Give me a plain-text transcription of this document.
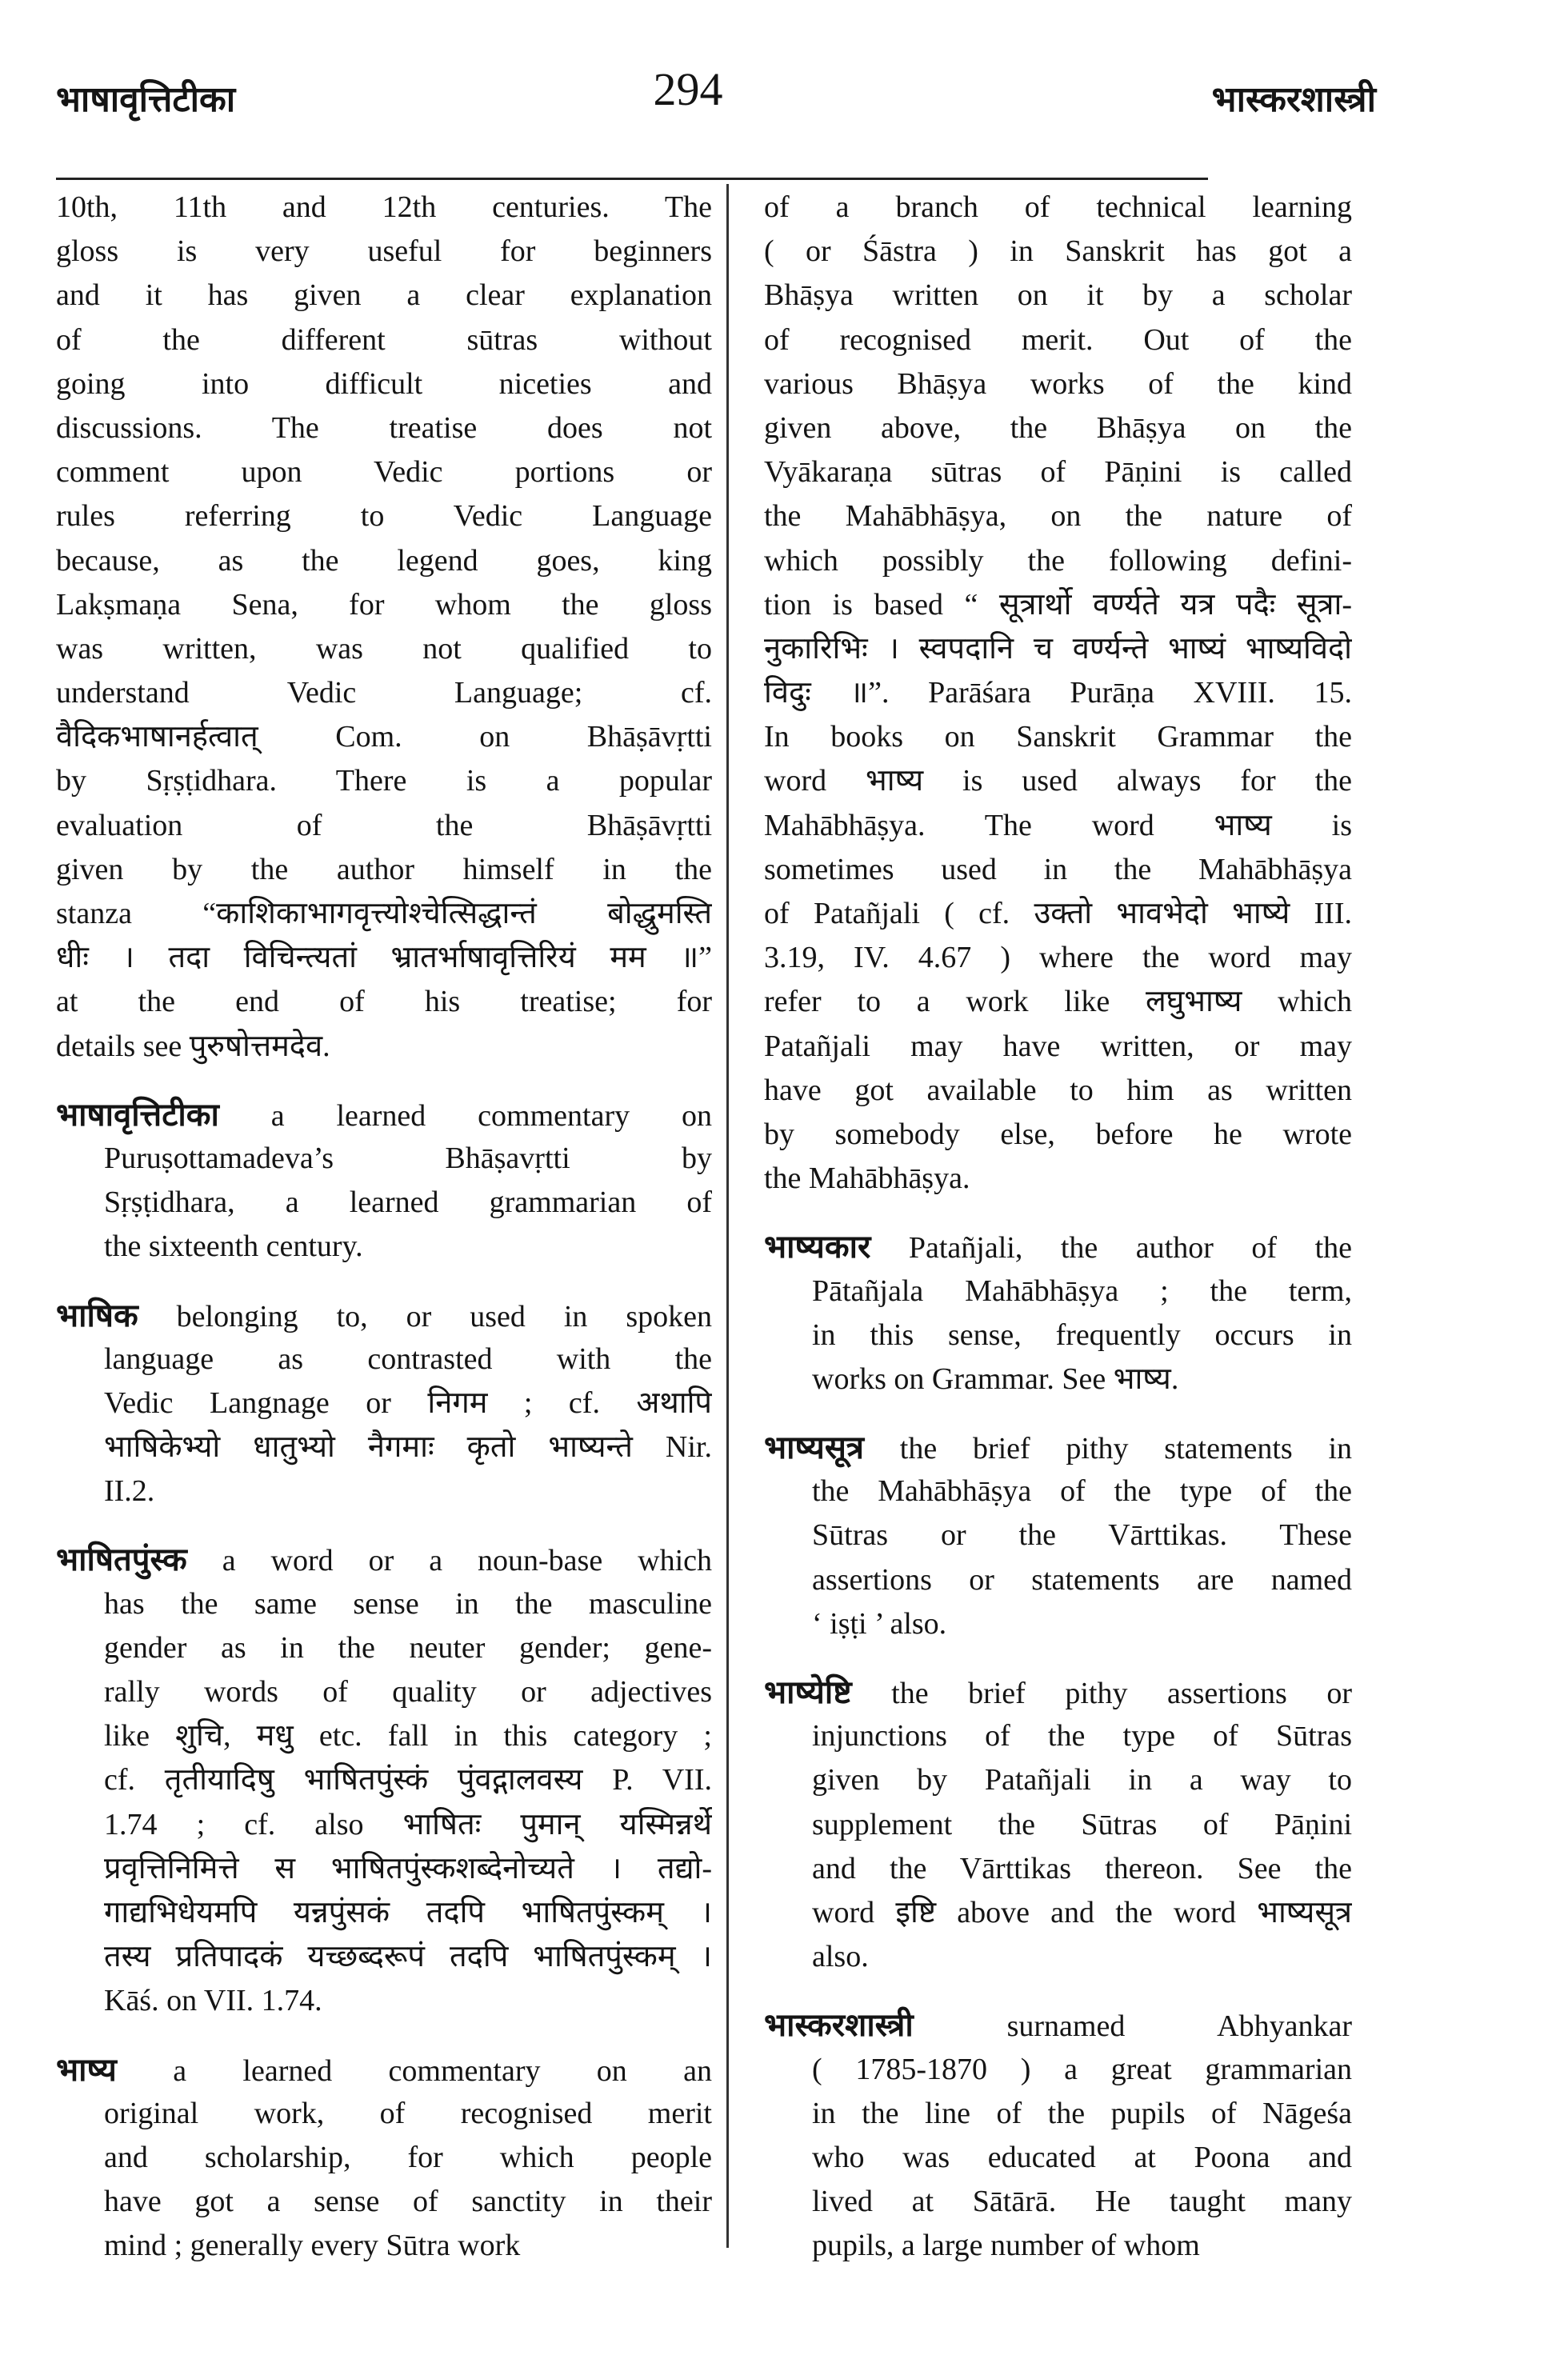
भाषावृत्तिटीका	294	भास्करशास्त्री
10th, 11th and 12th centuries. The
gloss is very useful for beginners
and it has given a clear explanation
of the different sūtras without
going into difficult niceties and
discussions. The treatise does not
comment upon Vedic portions or
rules referring to Vedic Language
because, as the legend goes, king
Lakṣmaṇa Sena, for whom the gloss
was written, was not qualified to
understand Vedic Language; cf.
वैदिकभाषानर्हत्वात् Com. on Bhāṣāvṛtti
by Sṛṣṭidhara. There is a popular
evaluation of the Bhāṣāvṛtti
given by the author himself in the
stanza “काशिकाभागवृत्त्योश्चेत्सिद्धान्तं बोद्धुमस्ति
धीः । तदा विचिन्त्यतां भ्रातर्भाषावृत्तिरियं मम ॥”
at the end of his treatise; for
details see पुरुषोत्तमदेव.
भाषावृत्तिटीका a learned commentary on
Puruṣottamadeva’s Bhāṣavṛtti by
Sṛṣṭidhara, a learned grammarian of
the sixteenth century.
भाषिक belonging to, or used in spoken
language as contrasted with the
Vedic Langnage or निगम ; cf. अथापि
भाषिकेभ्यो धातुभ्यो नैगमाः कृतो भाष्यन्ते Nir.
II.2.
भाषितपुंस्क a word or a noun-base which
has the same sense in the masculine
gender as in the neuter gender; gene-
rally words of quality or adjectives
like शुचि, मधु etc. fall in this category ;
cf. तृतीयादिषु भाषितपुंस्कं पुंवद्गालवस्य P. VII.
1.74 ; cf. also भाषितः पुमान् यस्मिन्नर्थे
प्रवृत्तिनिमित्ते स भाषितपुंस्कशब्देनोच्यते । तद्यो-
गाद्यभिधेयमपि यन्नपुंसकं तदपि भाषितपुंस्कम् ।
तस्य प्रतिपादकं यच्छब्दरूपं तदपि भाषितपुंस्कम् ।
Kāś. on VII. 1.74.
भाष्य a learned commentary on an
original work, of recognised merit
and scholarship, for which people
have got a sense of sanctity in their
mind ; generally every Sūtra work
of a branch of technical learning
( or Śāstra ) in Sanskrit has got a
Bhāṣya written on it by a scholar
of recognised merit. Out of the
various Bhāṣya works of the kind
given above, the Bhāṣya on the
Vyākaraṇa sūtras of Pāṇini is called
the Mahābhāṣya, on the nature of
which possibly the following defini-
tion is based “ सूत्रार्थो वर्ण्यते यत्र पदैः सूत्रा-
नुकारिभिः । स्वपदानि च वर्ण्यन्ते भाष्यं भाष्यविदो
विदुः ॥”. Parāśara Purāṇa XVIII. 15.
In books on Sanskrit Grammar the
word भाष्य is used always for the
Mahābhāṣya. The word भाष्य is
sometimes used in the Mahābhāṣya
of Patañjali ( cf. उक्तो भावभेदो भाष्ये III.
3.19, IV. 4.67 ) where the word may
refer to a work like लघुभाष्य which
Patañjali may have written, or may
have got available to him as written
by somebody else, before he wrote
the Mahābhāṣya.
भाष्यकार Patañjali, the author of the
Pātañjala Mahābhāṣya ; the term,
in this sense, frequently occurs in
works on Grammar. See भाष्य.
भाष्यसूत्र the brief pithy statements in
the Mahābhāṣya of the type of the
Sūtras or the Vārttikas. These
assertions or statements are named
‘ iṣṭi ’ also.
भाष्येष्टि the brief pithy assertions or
injunctions of the type of Sūtras
given by Patañjali in a way to
supplement the Sūtras of Pāṇini
and the Vārttikas thereon. See the
word इष्टि above and the word भाष्यसूत्र
also.
भास्करशास्त्री	surnamed Abhyankar
( 1785-1870 ) a great grammarian
in the line of the pupils of Nāgeśa
who was educated at Poona and
lived at Sātārā. He taught many
pupils, a large number of whom
